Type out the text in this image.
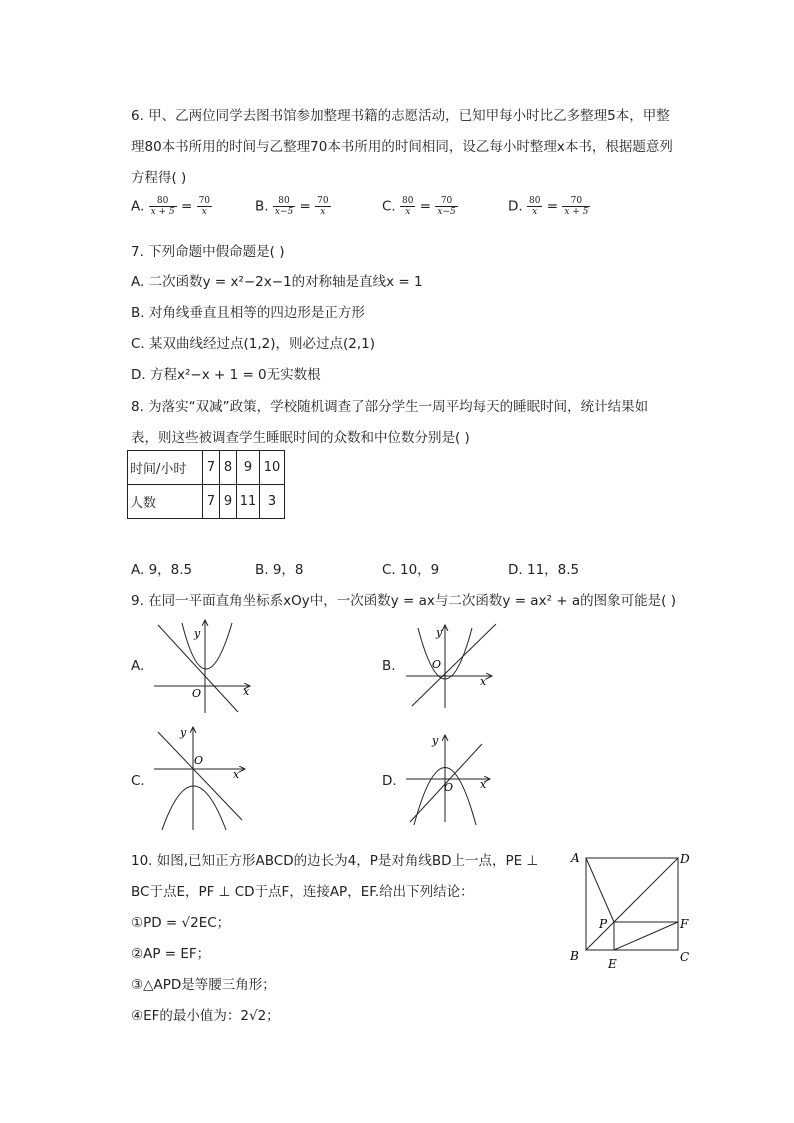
6. 甲、乙两位同学去图书馆参加整理书籍的志愿活动，已知甲每小时比乙多整理5本，甲整
理80本书所用的时间与乙整理70本书所用的时间相同，设乙每小时整理x本书，根据题意列
方程得( )
A. $\frac{80}{x + 5} = \frac{70}{x}$	B. $\frac{80}{x-5} = \frac{70}{x}$	C. $\frac{80}{x} = \frac{70}{x-5}$	D. $\frac{80}{x} = \frac{70}{x + 5}$
7. 下列命题中假命题是( )
A. 二次函数y = x²−2x−1的对称轴是直线x = 1
B. 对角线垂直且相等的四边形是正方形
C. 某双曲线经过点(1,2)，则必过点(2,1)
D. 方程x²−x + 1 = 0无实数根
8. 为落实“双减”政策，学校随机调查了部分学生一周平均每天的睡眠时间，统计结果如
表，则这些被调查学生睡眠时间的众数和中位数分别是( )
时间/小时	7	8	9	10
人数	7	9	11	3
A. 9，8.5	B. 9，8	C. 10，9	D. 11，8.5
9. 在同一平面直角坐标系xOy中，一次函数y = ax与二次函数y = ax² + a的图象可能是( )
A.	B.
C.	D.
y
x
O
y
x
O
y
x
O
y
x
O
10. 如图,已知正方形ABCD的边长为4，P是对角线BD上一点，PE ⊥
BC于点E，PF ⊥ CD于点F，连接AP，EF.给出下列结论：
①PD = √2EC；
②AP = EF；
③△APD是等腰三角形；
④EF的最小值为：2√2；
A	D
B	C
P
E
F
